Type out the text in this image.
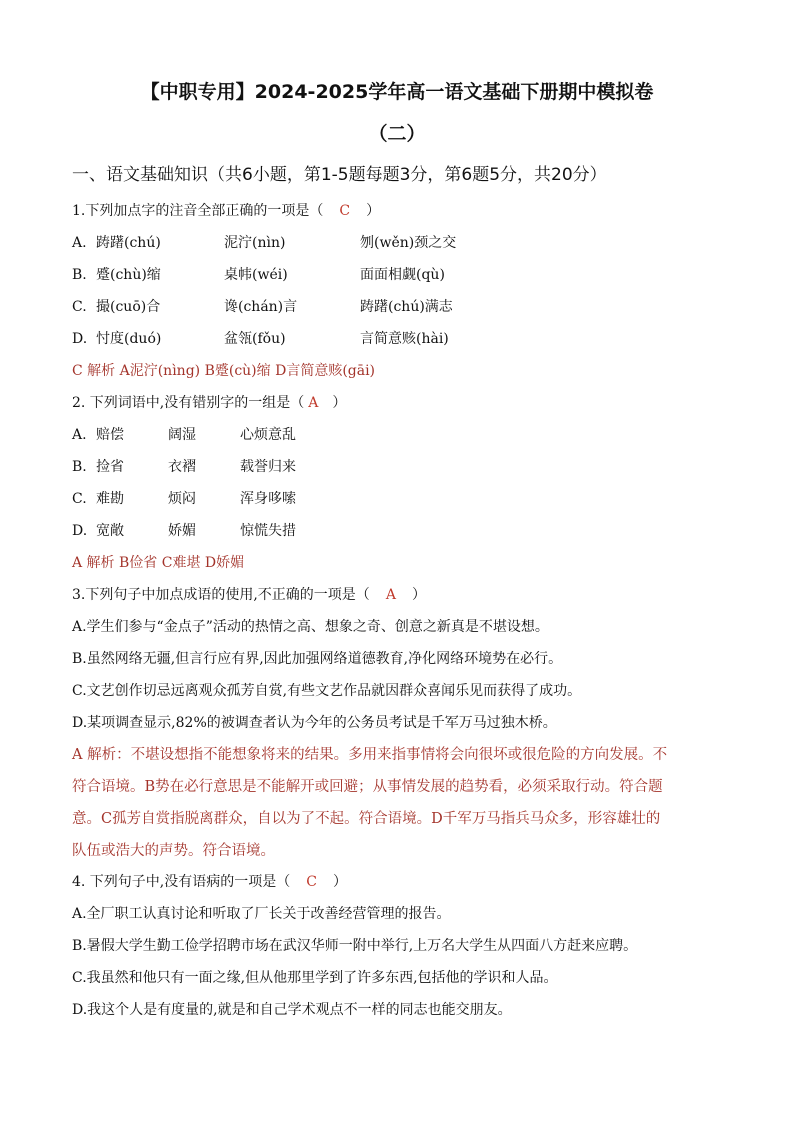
【中职专用】2024-2025学年高一语文基础下册期中模拟卷
（二）
一、语文基础知识（共6小题，第1-5题每题3分，第6题5分，共20分）
1.下列加点字的注音全部正确的一项是（ C ）
A. 踌躇(chú)	泥泞(nìn)	刎(wěn)颈之交
B. 蹙(chù)缩	桌帏(wéi)	面面相觑(qù)
C. 撮(cuō)合	谗(chán)言	踌躇(chú)满志
D. 忖度(duó)	盆瓴(fǒu)	言简意赅(hài)
C 解析 A泥泞(nìng) B蹙(cù)缩 D言简意赅(gāi)
2. 下列词语中,没有错别字的一组是（ A ）
A. 赔偿	阔湿	心烦意乱
B. 捡省	衣褶	载誉归来
C. 难勘	烦闷	浑身哆嗦
D. 宽敞	娇媚	惊慌失措
A 解析 B俭省 C难堪 D娇媚
3.下列句子中加点成语的使用,不正确的一项是（ A ）
A.学生们参与“金点子”活动的热情之高、想象之奇、创意之新真是不堪设想。
B.虽然网络无疆,但言行应有界,因此加强网络道德教育,净化网络环境势在必行。
C.文艺创作切忌远离观众孤芳自赏,有些文艺作品就因群众喜闻乐见而获得了成功。
D.某项调查显示,82%的被调查者认为今年的公务员考试是千军万马过独木桥。
A 解析：不堪设想指不能想象将来的结果。多用来指事情将会向很坏或很危险的方向发展。不
符合语境。B势在必行意思是不能解开或回避；从事情发展的趋势看，必须采取行动。符合题
意。C孤芳自赏指脱离群众，自以为了不起。符合语境。D千军万马指兵马众多，形容雄壮的
队伍或浩大的声势。符合语境。
4. 下列句子中,没有语病的一项是（ C ）
A.全厂职工认真讨论和听取了厂长关于改善经营管理的报告。
B.暑假大学生勤工俭学招聘市场在武汉华师一附中举行,上万名大学生从四面八方赶来应聘。
C.我虽然和他只有一面之缘,但从他那里学到了许多东西,包括他的学识和人品。
D.我这个人是有度量的,就是和自己学术观点不一样的同志也能交朋友。
